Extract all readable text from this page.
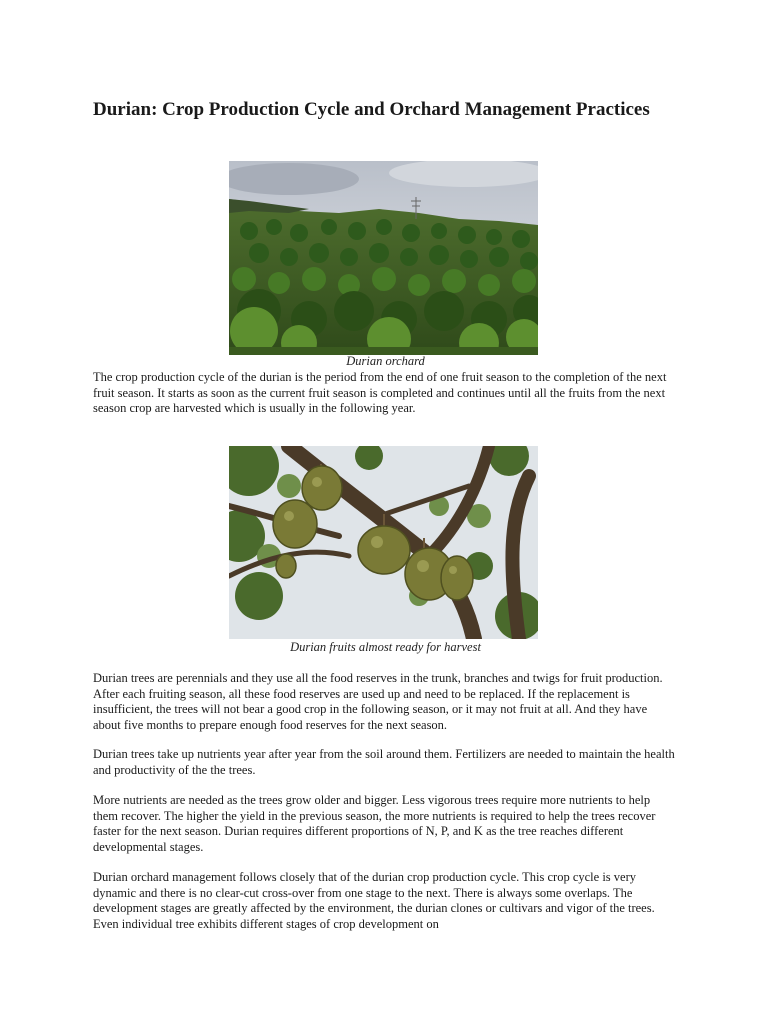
Durian: Crop Production Cycle and Orchard Management Practices
Durian orchard

The crop production cycle of the durian is the period from the end of one fruit season to the completion of the next fruit season. It starts as soon as the current fruit season is completed and continues until all the fruits from the next season crop are harvested which is usually in the following year.

Durian fruits almost ready for harvest

Durian trees are perennials and they use all the food reserves in the trunk, branches and twigs for fruit production. After each fruiting season, all these food reserves are used up and need to be replaced. If the replacement is insufficient, the trees will not bear a good crop in the following season, or it may not fruit at all. And they have about five months to prepare enough food reserves for the next season.

Durian trees take up nutrients year after year from the soil around them. Fertilizers are needed to maintain the health and productivity of the the trees.

More nutrients are needed as the trees grow older and bigger. Less vigorous trees require more nutrients to help them recover. The higher the yield in the previous season, the more nutrients is required to help the trees recover faster for the next season. Durian requires different proportions of N, P, and K as the tree reaches different developmental stages.

Durian orchard management follows closely that of the durian crop production cycle. This crop cycle is very dynamic and there is no clear-cut cross-over from one stage to the next. There is always some overlaps. The development stages are greatly affected by the environment, the durian clones or cultivars and vigor of the trees. Even individual tree exhibits different stages of crop development on
